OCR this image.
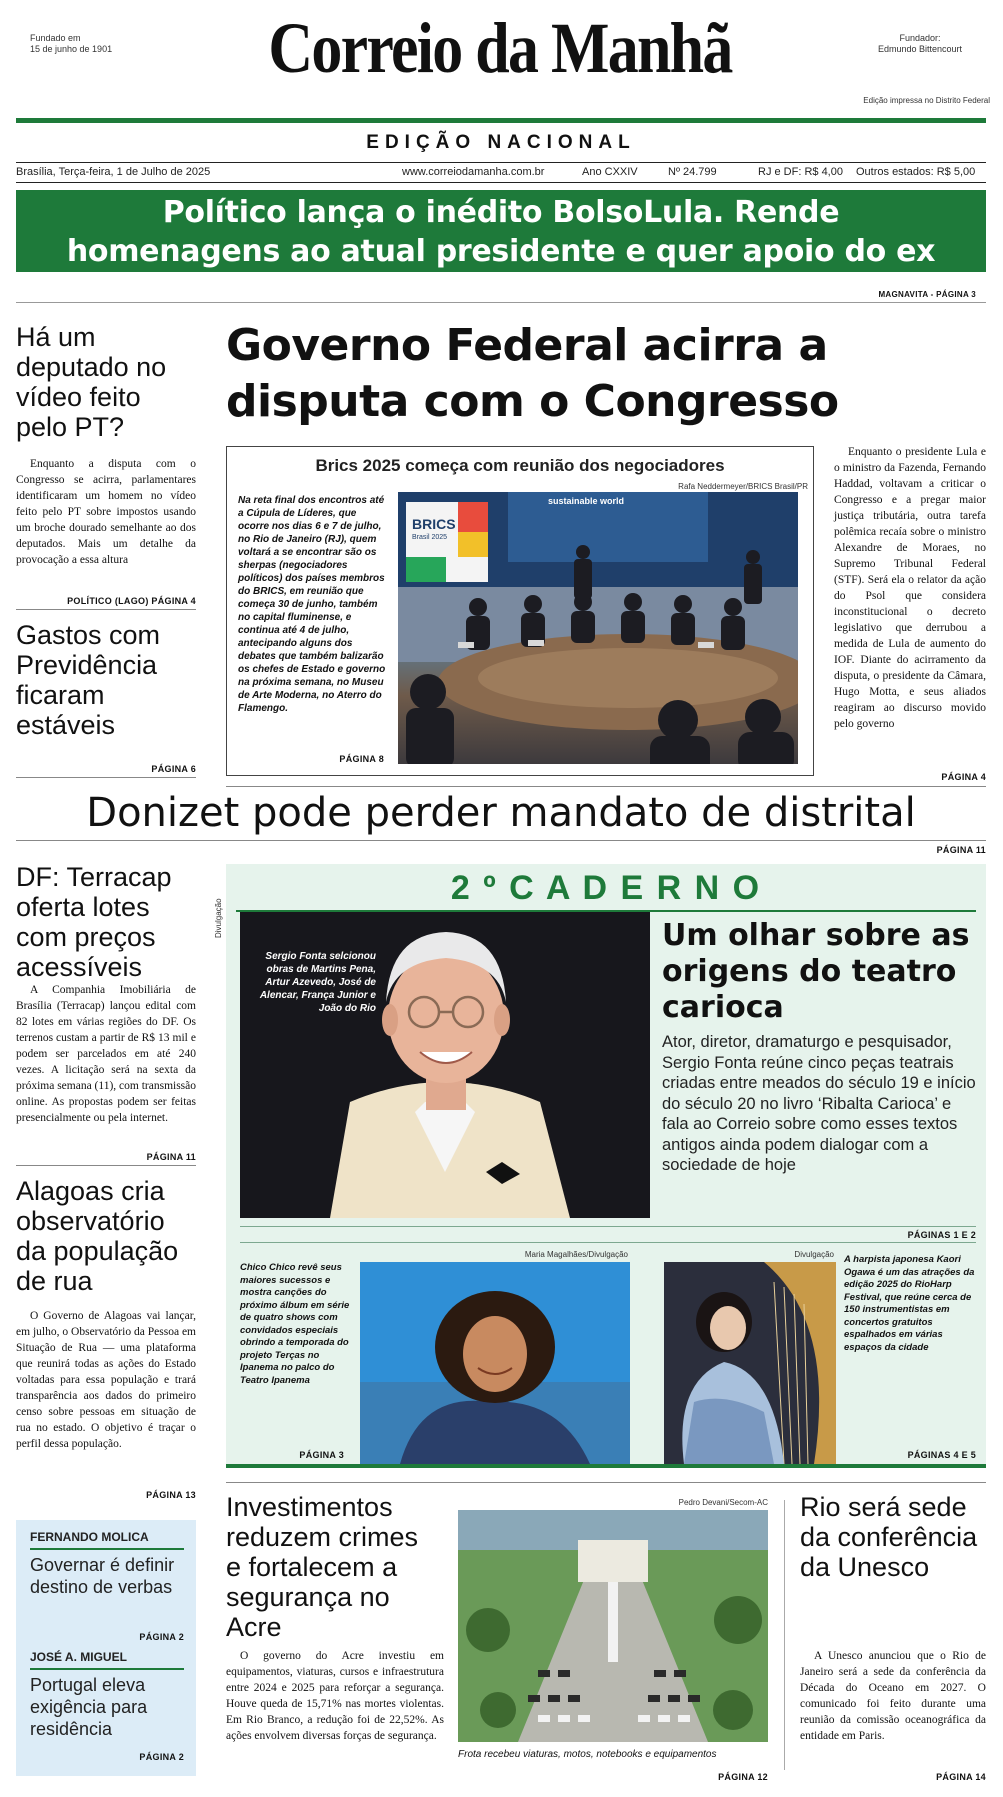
Fundado em
15 de junho de 1901	Correio da Manhã	Fundador:
Edmundo Bittencourt
Edição impressa no Distrito Federal
EDIÇÃO NACIONAL
Brasília, Terça-feira, 1 de Julho de 2025	www.correiodamanha.com.br	Ano CXXIV	Nº 24.799	RJ e DF: R$ 4,00 Outros estados: R$ 5,00
Político lança o inédito BolsoLula. Rende
homenagens ao atual presidente e quer apoio do ex
MAGNAVITA - PÁGINA 3
Há um deputado no vídeo feito pelo PT?
Enquanto a disputa com o Congresso se acirra, parlamentares identificaram um homem no vídeo feito pelo PT sobre impostos usando um broche dourado semelhante ao dos deputados. Mais um detalhe da provocação a essa altura
POLÍTICO (LAGO) PÁGINA 4
Gastos com Previdência ficaram estáveis
PÁGINA 6
Governo Federal acirra a
disputa com o Congresso
Brics 2025 começa com reunião dos negociadores
Rafa Neddermeyer/BRICS Brasil/PR
Na reta final dos encontros até a Cúpula de Líderes, que ocorre nos dias 6 e 7 de julho, no Rio de Janeiro (RJ), quem voltará a se encontrar são os sherpas (negociadores políticos) dos países membros do BRICS, em reunião que começa 30 de junho, também no capital fluminense, e continua até 4 de julho, antecipando alguns dos debates que também balizarão os chefes de Estado e governo na próxima semana, no Museu de Arte Moderna, no Aterro do Flamengo.
PÁGINA 8
BRICS
Brasil 2025
sustainable world
Enquanto o presidente Lula e o ministro da Fazenda, Fernando Haddad, voltavam a criticar o Congresso e a pregar maior justiça tributária, outra tarefa polêmica recaía sobre o ministro Alexandre de Moraes, no Supremo Tribunal Federal (STF). Será ela o relator da ação do Psol que considera inconstitucional o decreto legislativo que derrubou a medida de Lula de aumento do IOF. Diante do acirramento da disputa, o presidente da Câmara, Hugo Motta, e seus aliados reagiram ao discurso movido pelo governo
PÁGINA 4
Donizet pode perder mandato de distrital
PÁGINA 11
DF: Terracap oferta lotes com preços acessíveis
A Companhia Imobiliária de Brasília (Terracap) lançou edital com 82 lotes em várias regiões do DF. Os terrenos custam a partir de R$ 13 mil e podem ser parcelados em até 240 vezes. A licitação será na sexta da próxima semana (11), com transmissão online. As propostas podem ser feitas presencialmente ou pela internet.
PÁGINA 11
Alagoas cria observatório da população de rua
O Governo de Alagoas vai lançar, em julho, o Observatório da Pessoa em Situação de Rua — uma plataforma que reunirá todas as ações do Estado voltadas para essa população e trará transparência aos dados do primeiro censo sobre pessoas em situação de rua no estado. O objetivo é traçar o perfil dessa população.
PÁGINA 13
FERNANDO MOLICA
Governar é definir destino de verbas
PÁGINA 2
JOSÉ A. MIGUEL
Portugal eleva exigência para residência
PÁGINA 2
2 º C A D E R N O
Divulgação
Sergio Fonta selcionou obras de Martins Pena, Artur Azevedo, José de Alencar, França Junior e João do Rio
Um olhar sobre as origens do teatro carioca
Ator, diretor, dramaturgo e pesquisador, Sergio Fonta reúne cinco peças teatrais criadas entre meados do século 19 e início do século 20 no livro ‘Ribalta Carioca’ e fala ao Correio sobre como esses textos antigos ainda podem dialogar com a sociedade de hoje
PÁGINAS 1 E 2
Chico Chico revê seus maiores sucessos e mostra canções do próximo álbum em série de quatro shows com convidados especiais obrindo a temporada do projeto Terças no Ipanema no palco do Teatro Ipanema
Maria Magalhães/Divulgação
PÁGINA 3
Divulgação A harpista japonesa Kaori Ogawa é um das atrações da edição 2025 do RioHarp Festival, que reúne cerca de 150 instrumentistas em concertos gratuitos espalhados em várias espaços da cidade
PÁGINAS 4 E 5
Investimentos reduzem crimes e fortalecem a segurança no Acre
O governo do Acre investiu em equipamentos, viaturas, cursos e infraestrutura entre 2024 e 2025 para reforçar a segurança. Houve queda de 15,71% nas mortes violentas. Em Rio Branco, a redução foi de 22,52%. As ações envolvem diversas forças de segurança.
Pedro Devani/Secom-AC
Frota recebeu viaturas, motos, notebooks e equipamentos
PÁGINA 12
Rio será sede da conferência da Unesco
A Unesco anunciou que o Rio de Janeiro será a sede da conferência da Década do Oceano em 2027. O comunicado foi feito durante uma reunião da comissão oceanográfica da entidade em Paris.
PÁGINA 14
